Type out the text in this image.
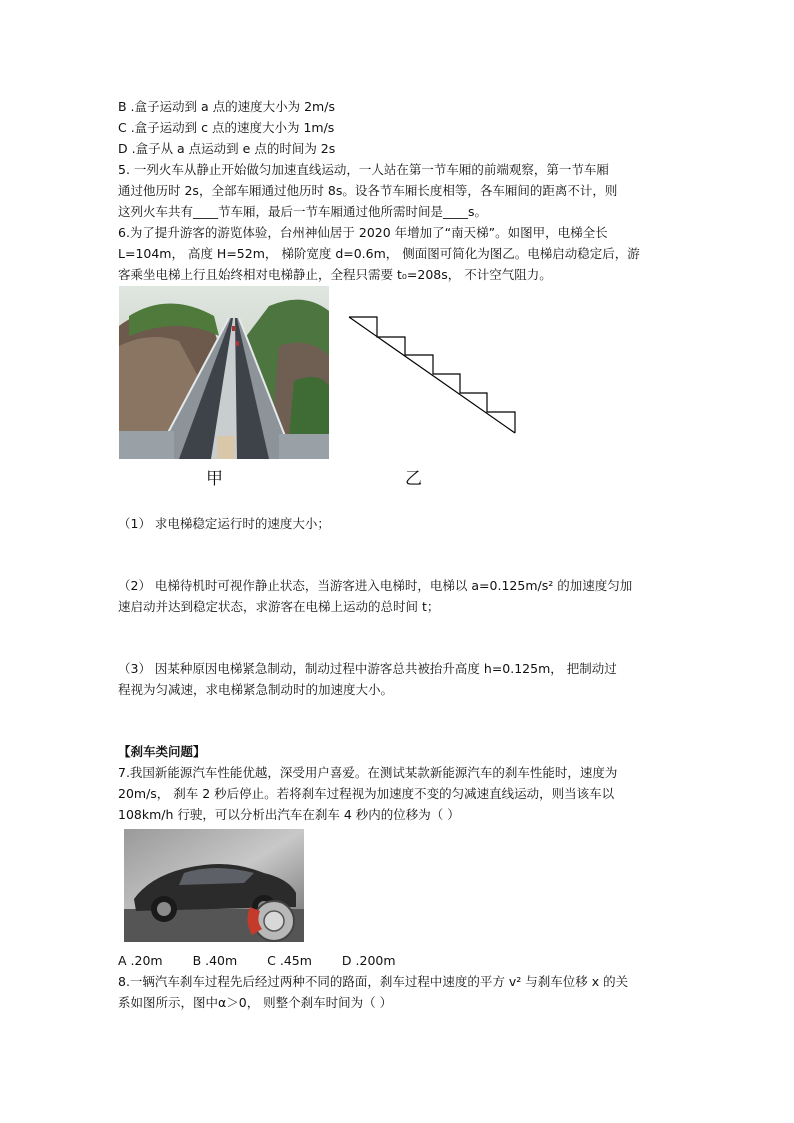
B .盒子运动到 a 点的速度大小为 2m/s
C .盒子运动到 c 点的速度大小为 1m/s
D .盒子从 a 点运动到 e 点的时间为 2s
5. 一列火车从静止开始做匀加速直线运动，一人站在第一节车厢的前端观察，第一节车厢
通过他历时 2s，全部车厢通过他历时 8s。设各节车厢长度相等，各车厢间的距离不计，则
这列火车共有____节车厢，最后一节车厢通过他所需时间是____s。
6.为了提升游客的游览体验，台州神仙居于 2020 年增加了“南天梯”。如图甲，电梯全长
L=104m， 高度 H=52m， 梯阶宽度 d=0.6m， 侧面图可简化为图乙。电梯启动稳定后，游
客乘坐电梯上行且始终相对电梯静止，全程只需要 t₀=208s， 不计空气阻力。
甲	乙
（1） 求电梯稳定运行时的速度大小；
（2） 电梯待机时可视作静止状态，当游客进入电梯时，电梯以 a=0.125m/s² 的加速度匀加
速启动并达到稳定状态，求游客在电梯上运动的总时间 t；
（3） 因某种原因电梯紧急制动，制动过程中游客总共被抬升高度 h=0.125m， 把制动过
程视为匀减速，求电梯紧急制动时的加速度大小。
【刹车类问题】
7.我国新能源汽车性能优越，深受用户喜爱。在测试某款新能源汽车的刹车性能时，速度为
20m/s， 刹车 2 秒后停止。若将刹车过程视为加速度不变的匀减速直线运动，则当该车以
108km/h 行驶，可以分析出汽车在刹车 4 秒内的位移为（ ）
A .20m B .40m C .45m D .200m
8.一辆汽车刹车过程先后经过两种不同的路面，刹车过程中速度的平方 v² 与刹车位移 x 的关
系如图所示，图中α＞0， 则整个刹车时间为（ ）
